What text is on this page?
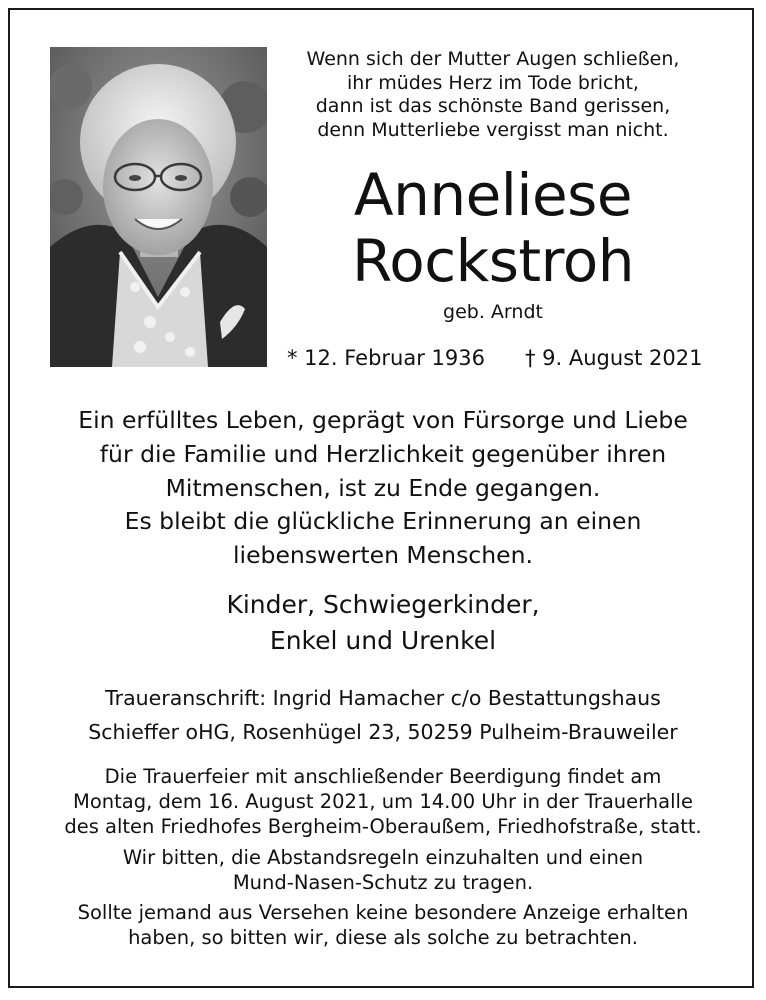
Wenn sich der Mutter Augen schließen,
ihr müdes Herz im Tode bricht,
dann ist das schönste Band gerissen,
denn Mutterliebe vergisst man nicht.
Anneliese
Rockstroh
geb. Arndt
* 12. Februar 1936 † 9. August 2021
Ein erfülltes Leben, geprägt von Fürsorge und Liebe
für die Familie und Herzlichkeit gegenüber ihren
Mitmenschen, ist zu Ende gegangen.
Es bleibt die glückliche Erinnerung an einen
liebenswerten Menschen.
Kinder, Schwiegerkinder,
Enkel und Urenkel
Traueranschrift: Ingrid Hamacher c/o Bestattungshaus
Schieffer oHG, Rosenhügel 23, 50259 Pulheim-Brauweiler
Die Trauerfeier mit anschließender Beerdigung findet am
Montag, dem 16. August 2021, um 14.00 Uhr in der Trauerhalle
des alten Friedhofes Bergheim-Oberaußem, Friedhofstraße, statt.
Wir bitten, die Abstandsregeln einzuhalten und einen
Mund-Nasen-Schutz zu tragen.
Sollte jemand aus Versehen keine besondere Anzeige erhalten
haben, so bitten wir, diese als solche zu betrachten.
